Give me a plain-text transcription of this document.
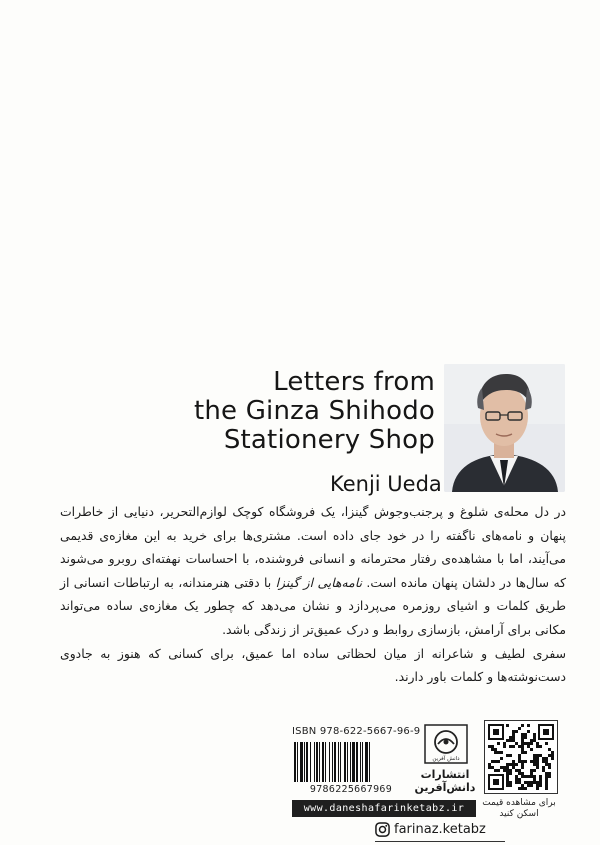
Letters from
the Ginza Shihodo
Stationery Shop
Kenji Ueda

در دل محله‌ی شلوغ و پرجنب‌وجوش گینزا، یک فروشگاه کوچک لوازم‌التحریر، دنیایی از خاطرات پنهان و نامه‌های ناگفته را در خود جای داده است. مشتری‌ها برای خرید به این مغازه‌ی قدیمی می‌آیند، اما با مشاهده‌ی رفتار محترمانه و انسانی فروشنده، با احساسات نهفته‌ای روبرو می‌شوند که سال‌ها در دلشان پنهان مانده است. نامه‌هایی از گینزا با دقتی هنرمندانه، به ارتباطات انسانی از طریق کلمات و اشیای روزمره می‌پردازد و نشان می‌دهد که چطور یک مغازه‌ی ساده می‌تواند مکانی برای آرامش، بازسازی روابط و درک عمیق‌تر از زندگی باشد.

سفری لطیف و شاعرانه از میان لحظاتی ساده اما عمیق، برای کسانی که هنوز به جادوی دست‌نوشته‌ها و کلمات باور دارند.

ISBN 978-622-5667-96-9
9786225667969
دانش آفرین
انتشارات
دانش‌آفرین
برای مشاهده قیمت
اسکن کنید
www.daneshafarinketabz.ir
farinaz.ketabz
